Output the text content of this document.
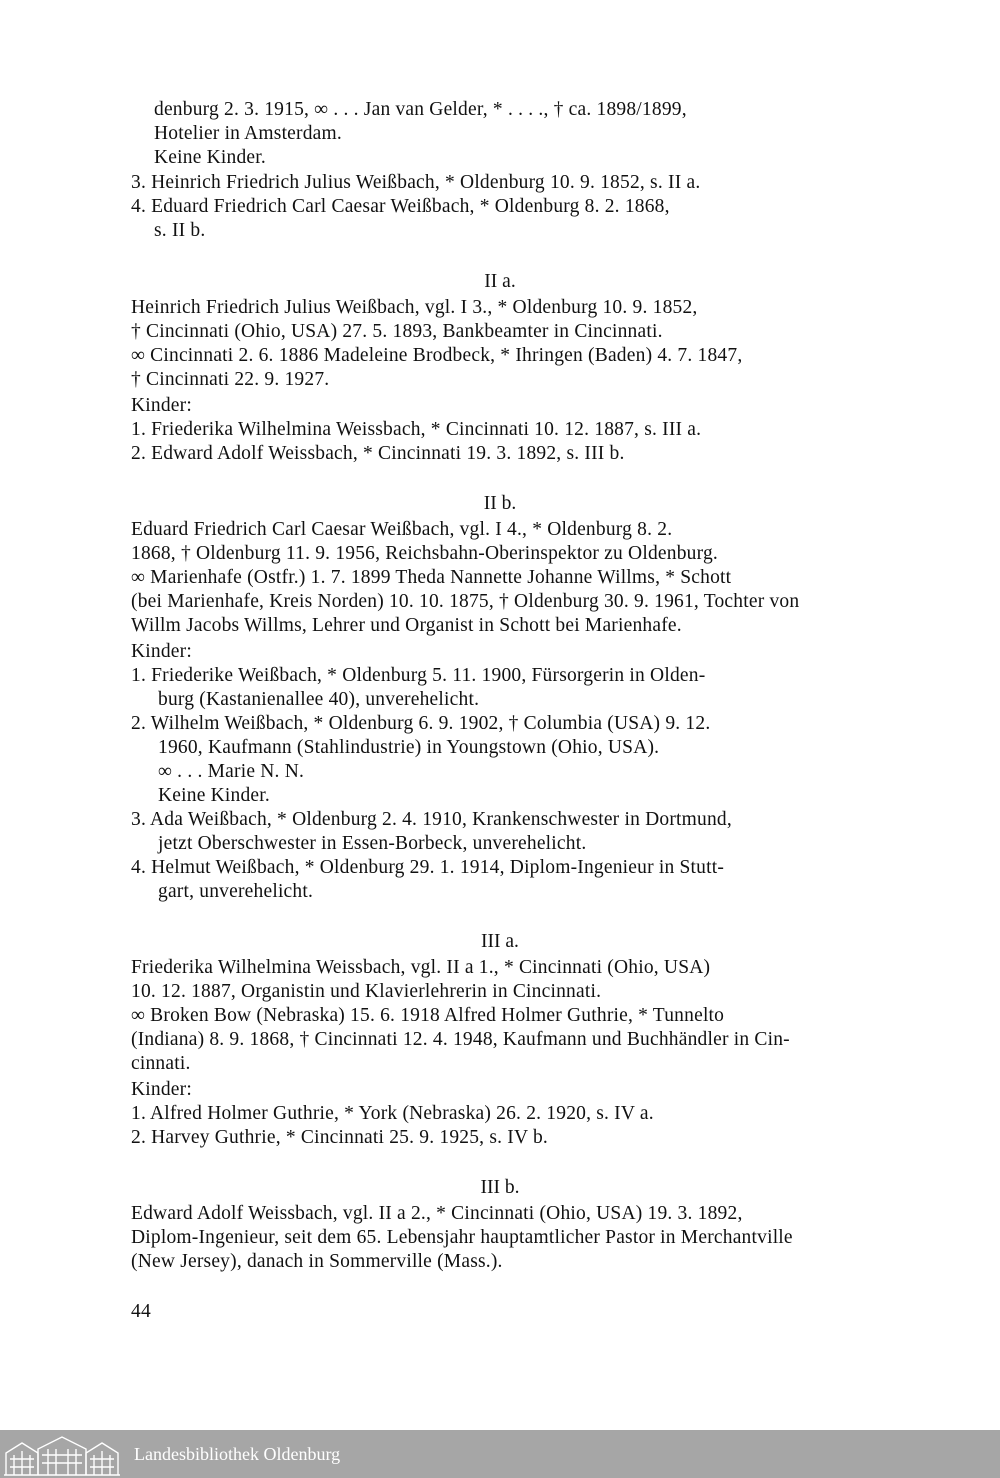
denburg 2. 3. 1915, ∞ . . . Jan van Gelder, * . . . ., † ca. 1898/1899,
Hotelier in Amsterdam.
Keine Kinder.
3. Heinrich Friedrich Julius Weißbach, * Oldenburg 10. 9. 1852, s. II a.
4. Eduard Friedrich Carl Caesar Weißbach, * Oldenburg 8. 2. 1868,
s. II b.
II a.
Heinrich Friedrich Julius Weißbach, vgl. I 3., * Oldenburg 10. 9. 1852,
† Cincinnati (Ohio, USA) 27. 5. 1893, Bankbeamter in Cincinnati.
∞ Cincinnati 2. 6. 1886 Madeleine Brodbeck, * Ihringen (Baden) 4. 7. 1847,
† Cincinnati 22. 9. 1927.
Kinder:
1. Friederika Wilhelmina Weissbach, * Cincinnati 10. 12. 1887, s. III a.
2. Edward Adolf Weissbach, * Cincinnati 19. 3. 1892, s. III b.
II b.
Eduard Friedrich Carl Caesar Weißbach, vgl. I 4., * Oldenburg 8. 2.
1868, † Oldenburg 11. 9. 1956, Reichsbahn-Oberinspektor zu Oldenburg.
∞ Marienhafe (Ostfr.) 1. 7. 1899 Theda Nannette Johanne Willms, * Schott
(bei Marienhafe, Kreis Norden) 10. 10. 1875, † Oldenburg 30. 9. 1961, Tochter von
Willm Jacobs Willms, Lehrer und Organist in Schott bei Marienhafe.
Kinder:
1. Friederike Weißbach, * Oldenburg 5. 11. 1900, Fürsorgerin in Olden-
burg (Kastanienallee 40), unverehelicht.
2. Wilhelm Weißbach, * Oldenburg 6. 9. 1902, † Columbia (USA) 9. 12.
1960, Kaufmann (Stahlindustrie) in Youngstown (Ohio, USA).
∞ . . . Marie N. N.
Keine Kinder.
3. Ada Weißbach, * Oldenburg 2. 4. 1910, Krankenschwester in Dortmund,
jetzt Oberschwester in Essen-Borbeck, unverehelicht.
4. Helmut Weißbach, * Oldenburg 29. 1. 1914, Diplom-Ingenieur in Stutt-
gart, unverehelicht.
III a.
Friederika Wilhelmina Weissbach, vgl. II a 1., * Cincinnati (Ohio, USA)
10. 12. 1887, Organistin und Klavierlehrerin in Cincinnati.
∞ Broken Bow (Nebraska) 15. 6. 1918 Alfred Holmer Guthrie, * Tunnelto
(Indiana) 8. 9. 1868, † Cincinnati 12. 4. 1948, Kaufmann und Buchhändler in Cin-
cinnati.
Kinder:
1. Alfred Holmer Guthrie, * York (Nebraska) 26. 2. 1920, s. IV a.
2. Harvey Guthrie, * Cincinnati 25. 9. 1925, s. IV b.
III b.
Edward Adolf Weissbach, vgl. II a 2., * Cincinnati (Ohio, USA) 19. 3. 1892,
Diplom-Ingenieur, seit dem 65. Lebensjahr hauptamtlicher Pastor in Merchantville
(New Jersey), danach in Sommerville (Mass.).
44
Landesbibliothek Oldenburg
